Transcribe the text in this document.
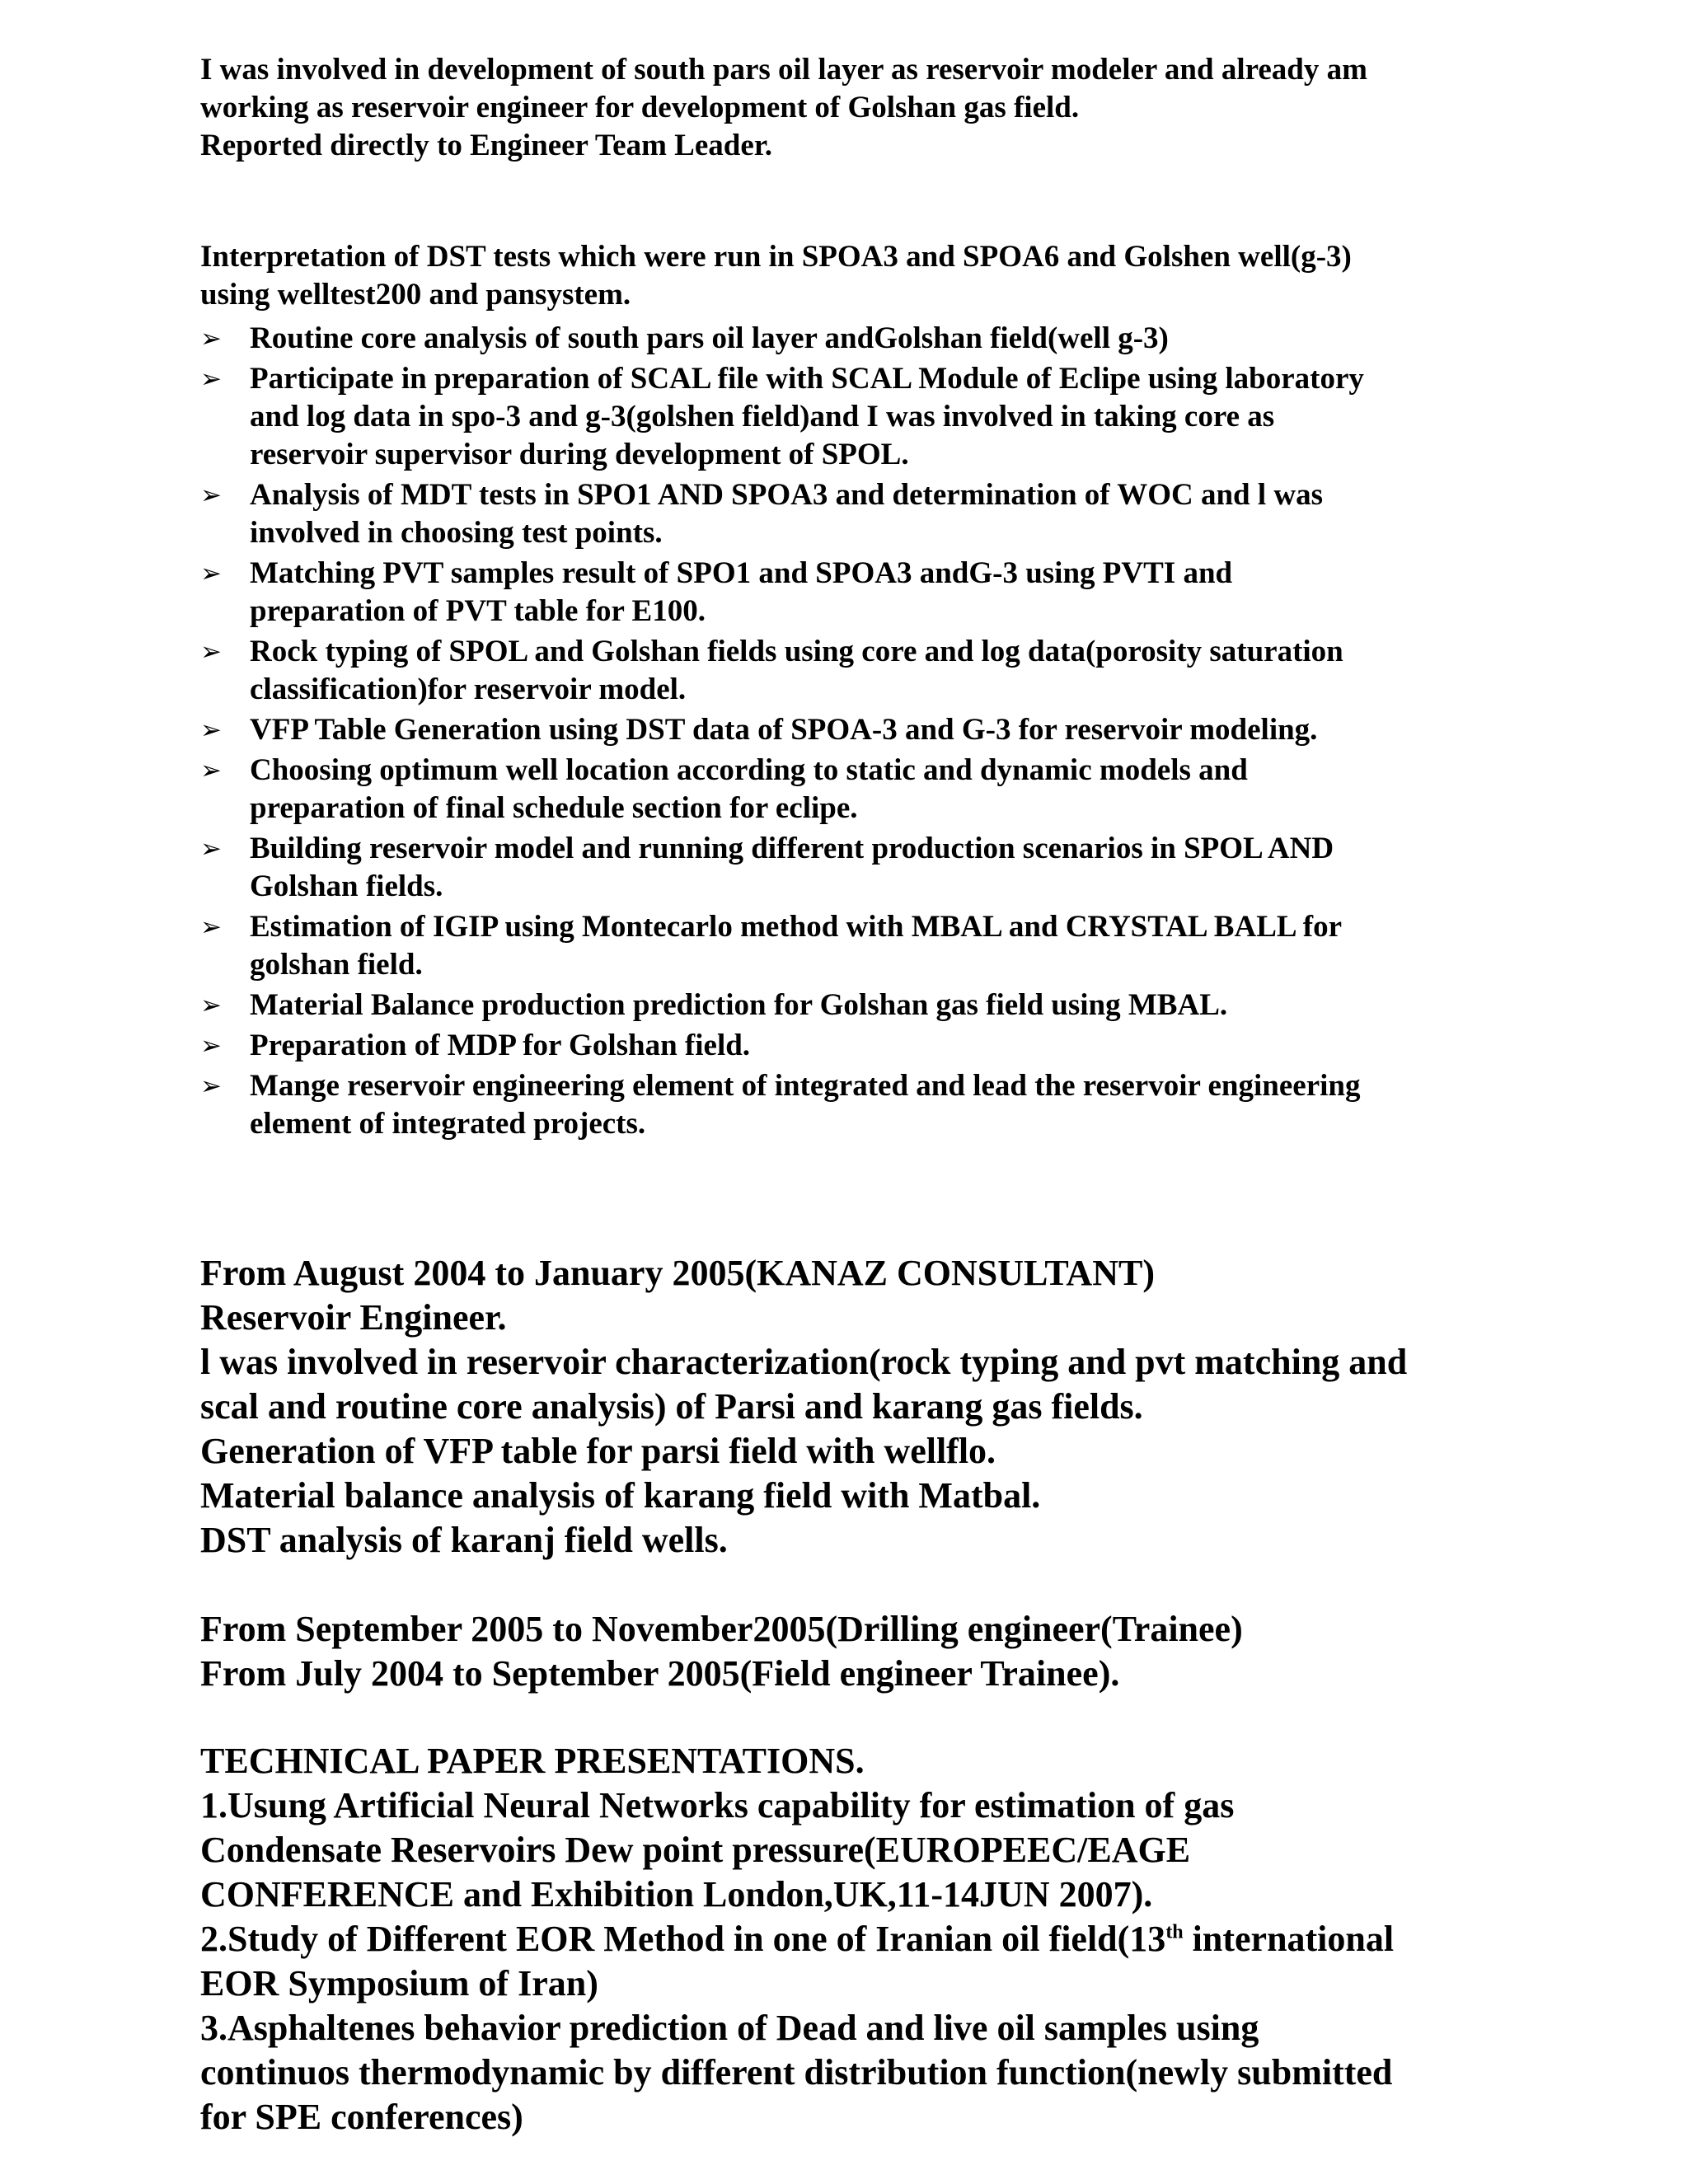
I was involved in development of south pars oil layer as reservoir modeler and already am
working as reservoir engineer for development of Golshan gas field.
Reported directly to Engineer Team Leader.
Interpretation of DST tests which were run in SPOA3 and SPOA6 and Golshen well(g-3)
using welltest200 and pansystem.
➢ Routine core analysis of south pars oil layer andGolshan field(well g-3)
➢ Participate in preparation of SCAL file with SCAL Module of Eclipe using laboratory
and log data in spo-3 and g-3(golshen field)and I was involved in taking core as
reservoir supervisor during development of SPOL.
➢ Analysis of MDT tests in SPO1 AND SPOA3 and determination of WOC and l was
involved in choosing test points.
➢ Matching PVT samples result of SPO1 and SPOA3 andG-3 using PVTI and
preparation of PVT table for E100.
➢ Rock typing of SPOL and Golshan fields using core and log data(porosity saturation
classification)for reservoir model.
➢ VFP Table Generation using DST data of SPOA-3 and G-3 for reservoir modeling.
➢ Choosing optimum well location according to static and dynamic models and
preparation of final schedule section for eclipe.
➢ Building reservoir model and running different production scenarios in SPOL AND
Golshan fields.
➢ Estimation of IGIP using Montecarlo method with MBAL and CRYSTAL BALL for
golshan field.
➢ Material Balance production prediction for Golshan gas field using MBAL.
➢ Preparation of MDP for Golshan field.
➢ Mange reservoir engineering element of integrated and lead the reservoir engineering
element of integrated projects.
From August 2004 to January 2005(KANAZ CONSULTANT)
Reservoir Engineer.
l was involved in reservoir characterization(rock typing and pvt matching and
scal and routine core analysis) of Parsi and karang gas fields.
Generation of VFP table for parsi field with wellflo.
Material balance analysis of karang field with Matbal.
DST analysis of karanj field wells.
From September 2005 to November2005(Drilling engineer(Trainee)
From July 2004 to September 2005(Field engineer Trainee).
TECHNICAL PAPER PRESENTATIONS.
1.Usung Artificial Neural Networks capability for estimation of gas
Condensate Reservoirs Dew point pressure(EUROPEEC/EAGE
CONFERENCE and Exhibition London,UK,11-14JUN 2007).
2.Study of Different EOR Method in one of Iranian oil field(13th international
EOR Symposium of Iran)
3.Asphaltenes behavior prediction of Dead and live oil samples using
continuos thermodynamic by different distribution function(newly submitted
for SPE conferences)
